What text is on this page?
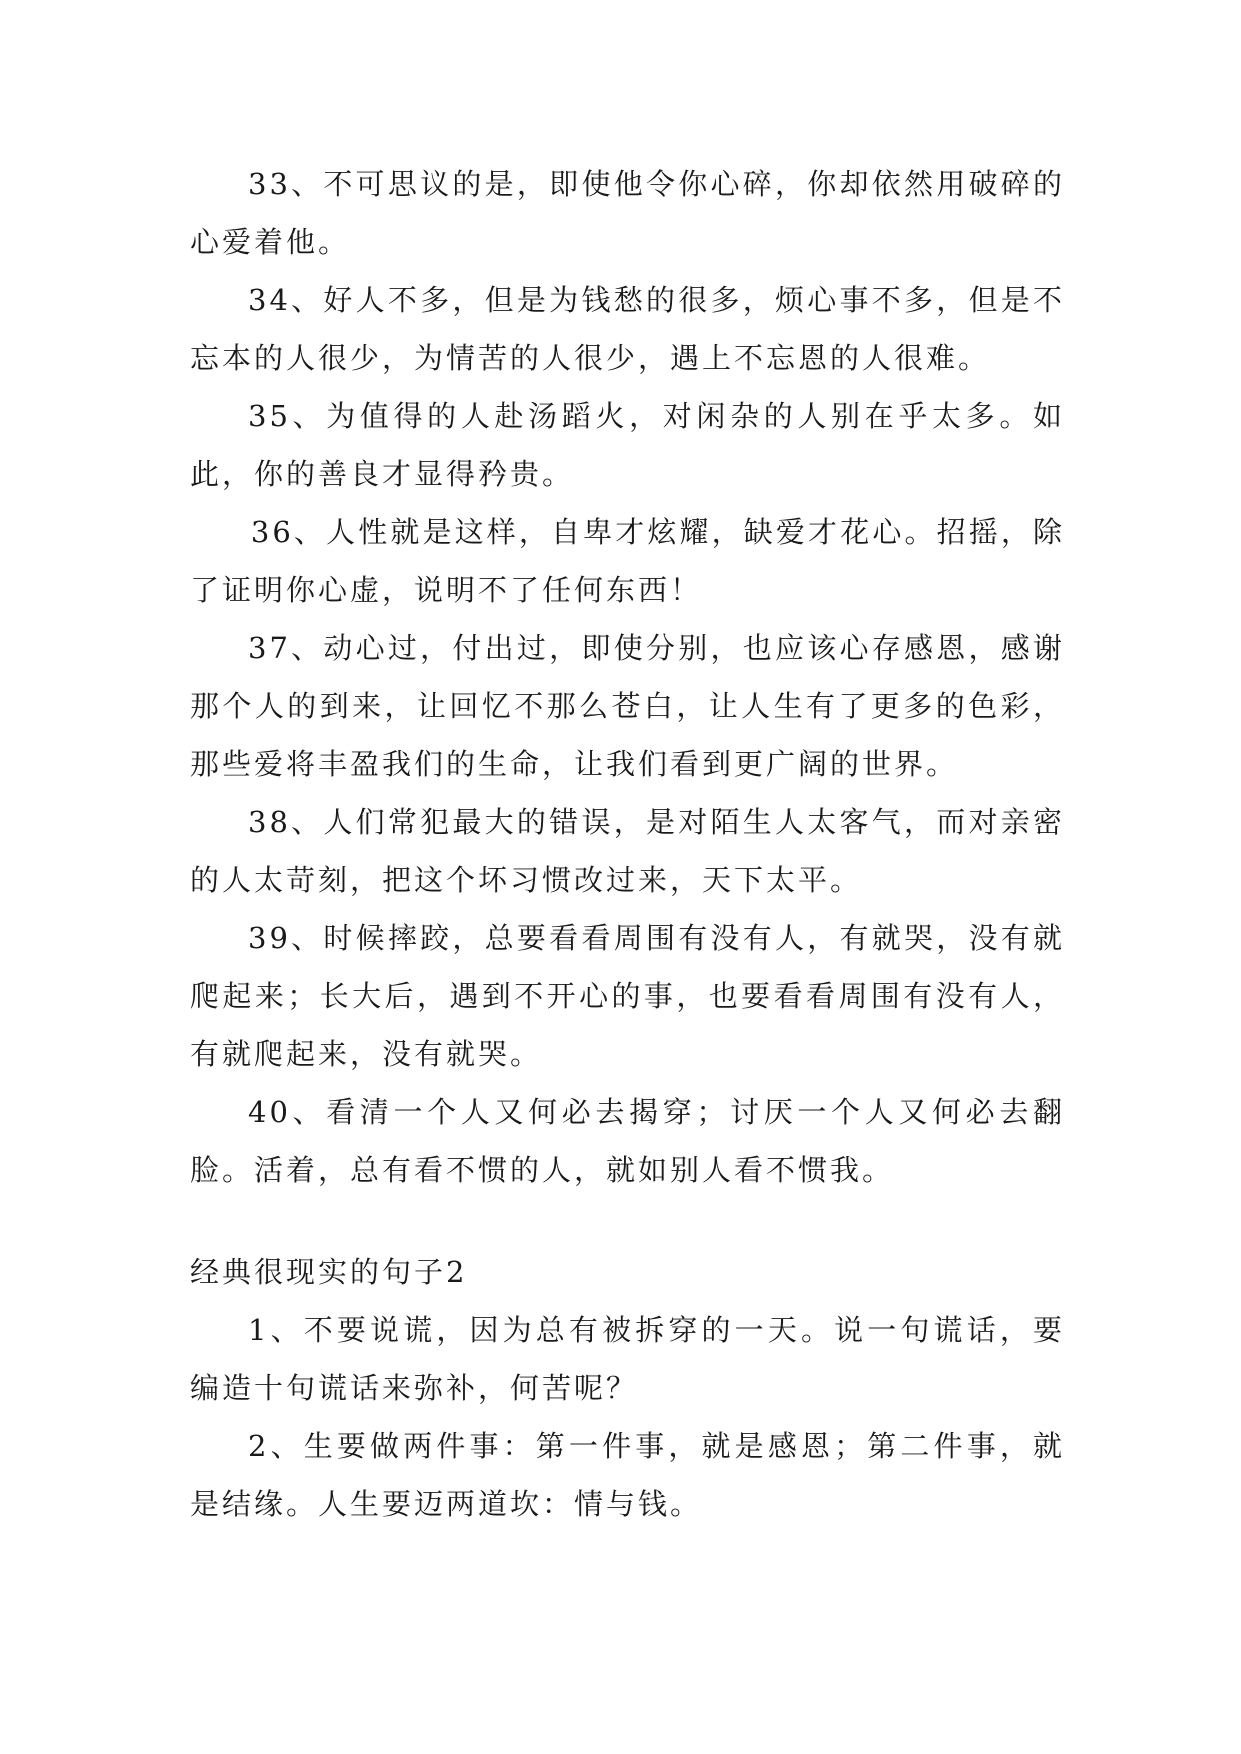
33、不可思议的是，即使他令你心碎，你却依然用破碎的心爱着他。

34、好人不多，但是为钱愁的很多，烦心事不多，但是不忘本的人很少，为情苦的人很少，遇上不忘恩的人很难。

35、为值得的人赴汤蹈火，对闲杂的人别在乎太多。如此，你的善良才显得矜贵。

36、人性就是这样，自卑才炫耀，缺爱才花心。招摇，除了证明你心虚，说明不了任何东西！

37、动心过，付出过，即使分别，也应该心存感恩，感谢那个人的到来，让回忆不那么苍白，让人生有了更多的色彩，那些爱将丰盈我们的生命，让我们看到更广阔的世界。

38、人们常犯最大的错误，是对陌生人太客气，而对亲密的人太苛刻，把这个坏习惯改过来，天下太平。

39、时候摔跤，总要看看周围有没有人，有就哭，没有就爬起来；长大后，遇到不开心的事，也要看看周围有没有人，有就爬起来，没有就哭。

40、看清一个人又何必去揭穿；讨厌一个人又何必去翻脸。活着，总有看不惯的人，就如别人看不惯我。

经典很现实的句子2

1、不要说谎，因为总有被拆穿的一天。说一句谎话，要编造十句谎话来弥补，何苦呢？

2、生要做两件事：第一件事，就是感恩；第二件事，就是结缘。人生要迈两道坎：情与钱。
